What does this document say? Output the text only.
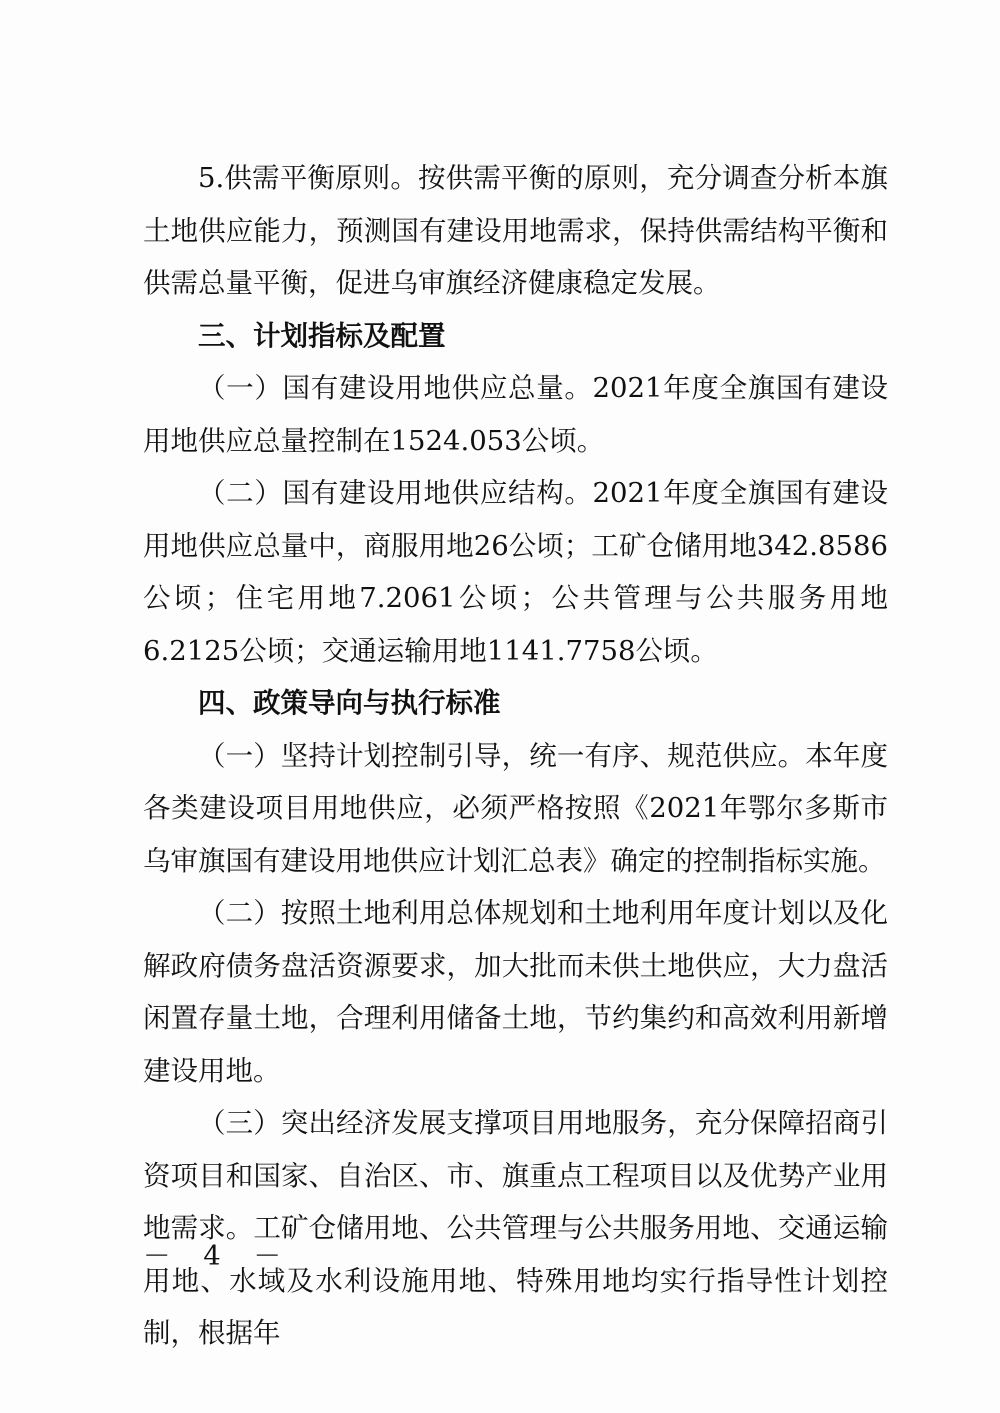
5.供需平衡原则。按供需平衡的原则，充分调查分析本旗土地供应能力，预测国有建设用地需求，保持供需结构平衡和供需总量平衡，促进乌审旗经济健康稳定发展。

三、计划指标及配置

（一）国有建设用地供应总量。2021年度全旗国有建设用地供应总量控制在1524.053公顷。

（二）国有建设用地供应结构。2021年度全旗国有建设用地供应总量中，商服用地26公顷；工矿仓储用地342.8586公顷；住宅用地7.2061公顷；公共管理与公共服务用地6.2125公顷；交通运输用地1141.7758公顷。

四、政策导向与执行标准

（一）坚持计划控制引导，统一有序、规范供应。本年度各类建设项目用地供应，必须严格按照《2021年鄂尔多斯市乌审旗国有建设用地供应计划汇总表》确定的控制指标实施。

（二）按照土地利用总体规划和土地利用年度计划以及化解政府债务盘活资源要求，加大批而未供土地供应，大力盘活闲置存量土地，合理利用储备土地，节约集约和高效利用新增建设用地。

（三）突出经济发展支撑项目用地服务，充分保障招商引资项目和国家、自治区、市、旗重点工程项目以及优势产业用地需求。工矿仓储用地、公共管理与公共服务用地、交通运输用地、水域及水利设施用地、特殊用地均实行指导性计划控制，根据年

－ 4 －
